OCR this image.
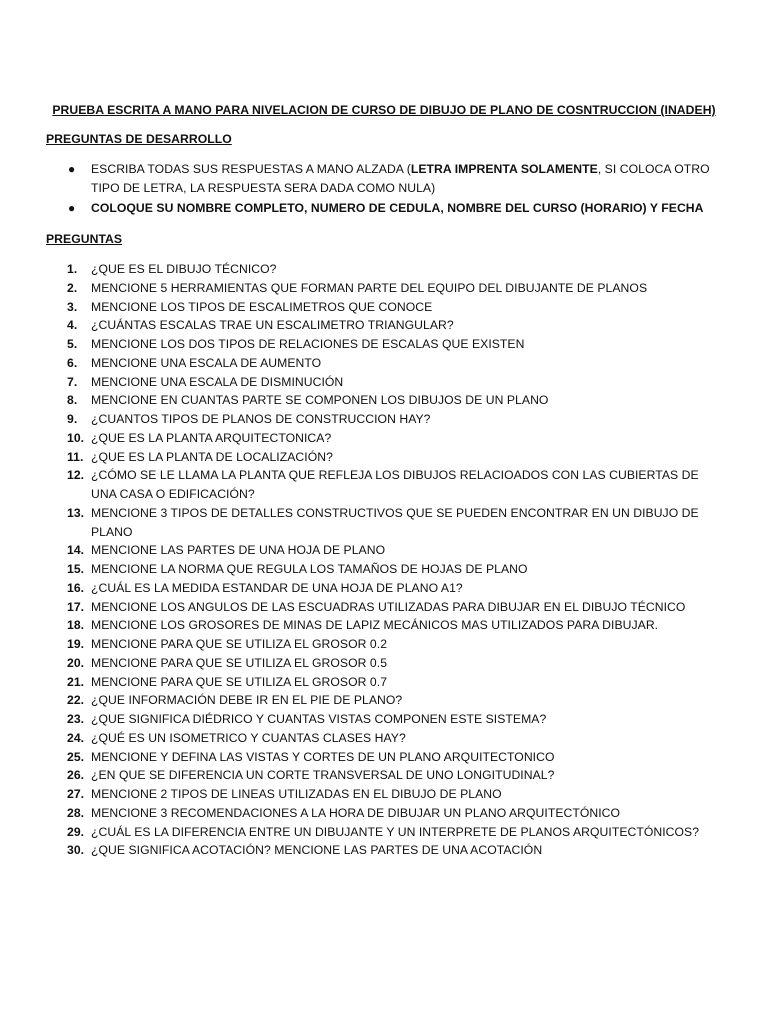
PRUEBA ESCRITA A MANO PARA NIVELACION DE CURSO DE DIBUJO DE PLANO DE COSNTRUCCION (INADEH)
PREGUNTAS DE DESARROLLO
● ESCRIBA TODAS SUS RESPUESTAS A MANO ALZADA (LETRA IMPRENTA SOLAMENTE, SI COLOCA OTRO TIPO DE LETRA, LA RESPUESTA SERA DADA COMO NULA)
● COLOQUE SU NOMBRE COMPLETO, NUMERO DE CEDULA, NOMBRE DEL CURSO (HORARIO) Y FECHA
PREGUNTAS
1. ¿QUE ES EL DIBUJO TÉCNICO?
2. MENCIONE 5 HERRAMIENTAS QUE FORMAN PARTE DEL EQUIPO DEL DIBUJANTE DE PLANOS
3. MENCIONE LOS TIPOS DE ESCALIMETROS QUE CONOCE
4. ¿CUÁNTAS ESCALAS TRAE UN ESCALIMETRO TRIANGULAR?
5. MENCIONE LOS DOS TIPOS DE RELACIONES DE ESCALAS QUE EXISTEN
6. MENCIONE UNA ESCALA DE AUMENTO
7. MENCIONE UNA ESCALA DE DISMINUCIÓN
8. MENCIONE EN CUANTAS PARTE SE COMPONEN LOS DIBUJOS DE UN PLANO
9. ¿CUANTOS TIPOS DE PLANOS DE CONSTRUCCION HAY?
10. ¿QUE ES LA PLANTA ARQUITECTONICA?
11. ¿QUE ES LA PLANTA DE LOCALIZACIÓN?
12. ¿CÓMO SE LE LLAMA LA PLANTA QUE REFLEJA LOS DIBUJOS RELACIOADOS CON LAS CUBIERTAS DE UNA CASA O EDIFICACIÓN?
13. MENCIONE 3 TIPOS DE DETALLES CONSTRUCTIVOS QUE SE PUEDEN ENCONTRAR EN UN DIBUJO DE PLANO
14. MENCIONE LAS PARTES DE UNA HOJA DE PLANO
15. MENCIONE LA NORMA QUE REGULA LOS TAMAÑOS DE HOJAS DE PLANO
16. ¿CUÁL ES LA MEDIDA ESTANDAR DE UNA HOJA DE PLANO A1?
17. MENCIONE LOS ANGULOS DE LAS ESCUADRAS UTILIZADAS PARA DIBUJAR EN EL DIBUJO TÉCNICO
18. MENCIONE LOS GROSORES DE MINAS DE LAPIZ MECÁNICOS MAS UTILIZADOS PARA DIBUJAR.
19. MENCIONE PARA QUE SE UTILIZA EL GROSOR 0.2
20. MENCIONE PARA QUE SE UTILIZA EL GROSOR 0.5
21. MENCIONE PARA QUE SE UTILIZA EL GROSOR 0.7
22. ¿QUE INFORMACIÓN DEBE IR EN EL PIE DE PLANO?
23. ¿QUE SIGNIFICA DIÉDRICO Y CUANTAS VISTAS COMPONEN ESTE SISTEMA?
24. ¿QUÉ ES UN ISOMETRICO Y CUANTAS CLASES HAY?
25. MENCIONE Y DEFINA LAS VISTAS Y CORTES DE UN PLANO ARQUITECTONICO
26. ¿EN QUE SE DIFERENCIA UN CORTE TRANSVERSAL DE UNO LONGITUDINAL?
27. MENCIONE 2 TIPOS DE LINEAS UTILIZADAS EN EL DIBUJO DE PLANO
28. MENCIONE 3 RECOMENDACIONES A LA HORA DE DIBUJAR UN PLANO ARQUITECTÓNICO
29. ¿CUÁL ES LA DIFERENCIA ENTRE UN DIBUJANTE Y UN INTERPRETE DE PLANOS ARQUITECTÓNICOS?
30. ¿QUE SIGNIFICA ACOTACIÓN? MENCIONE LAS PARTES DE UNA ACOTACIÓN
